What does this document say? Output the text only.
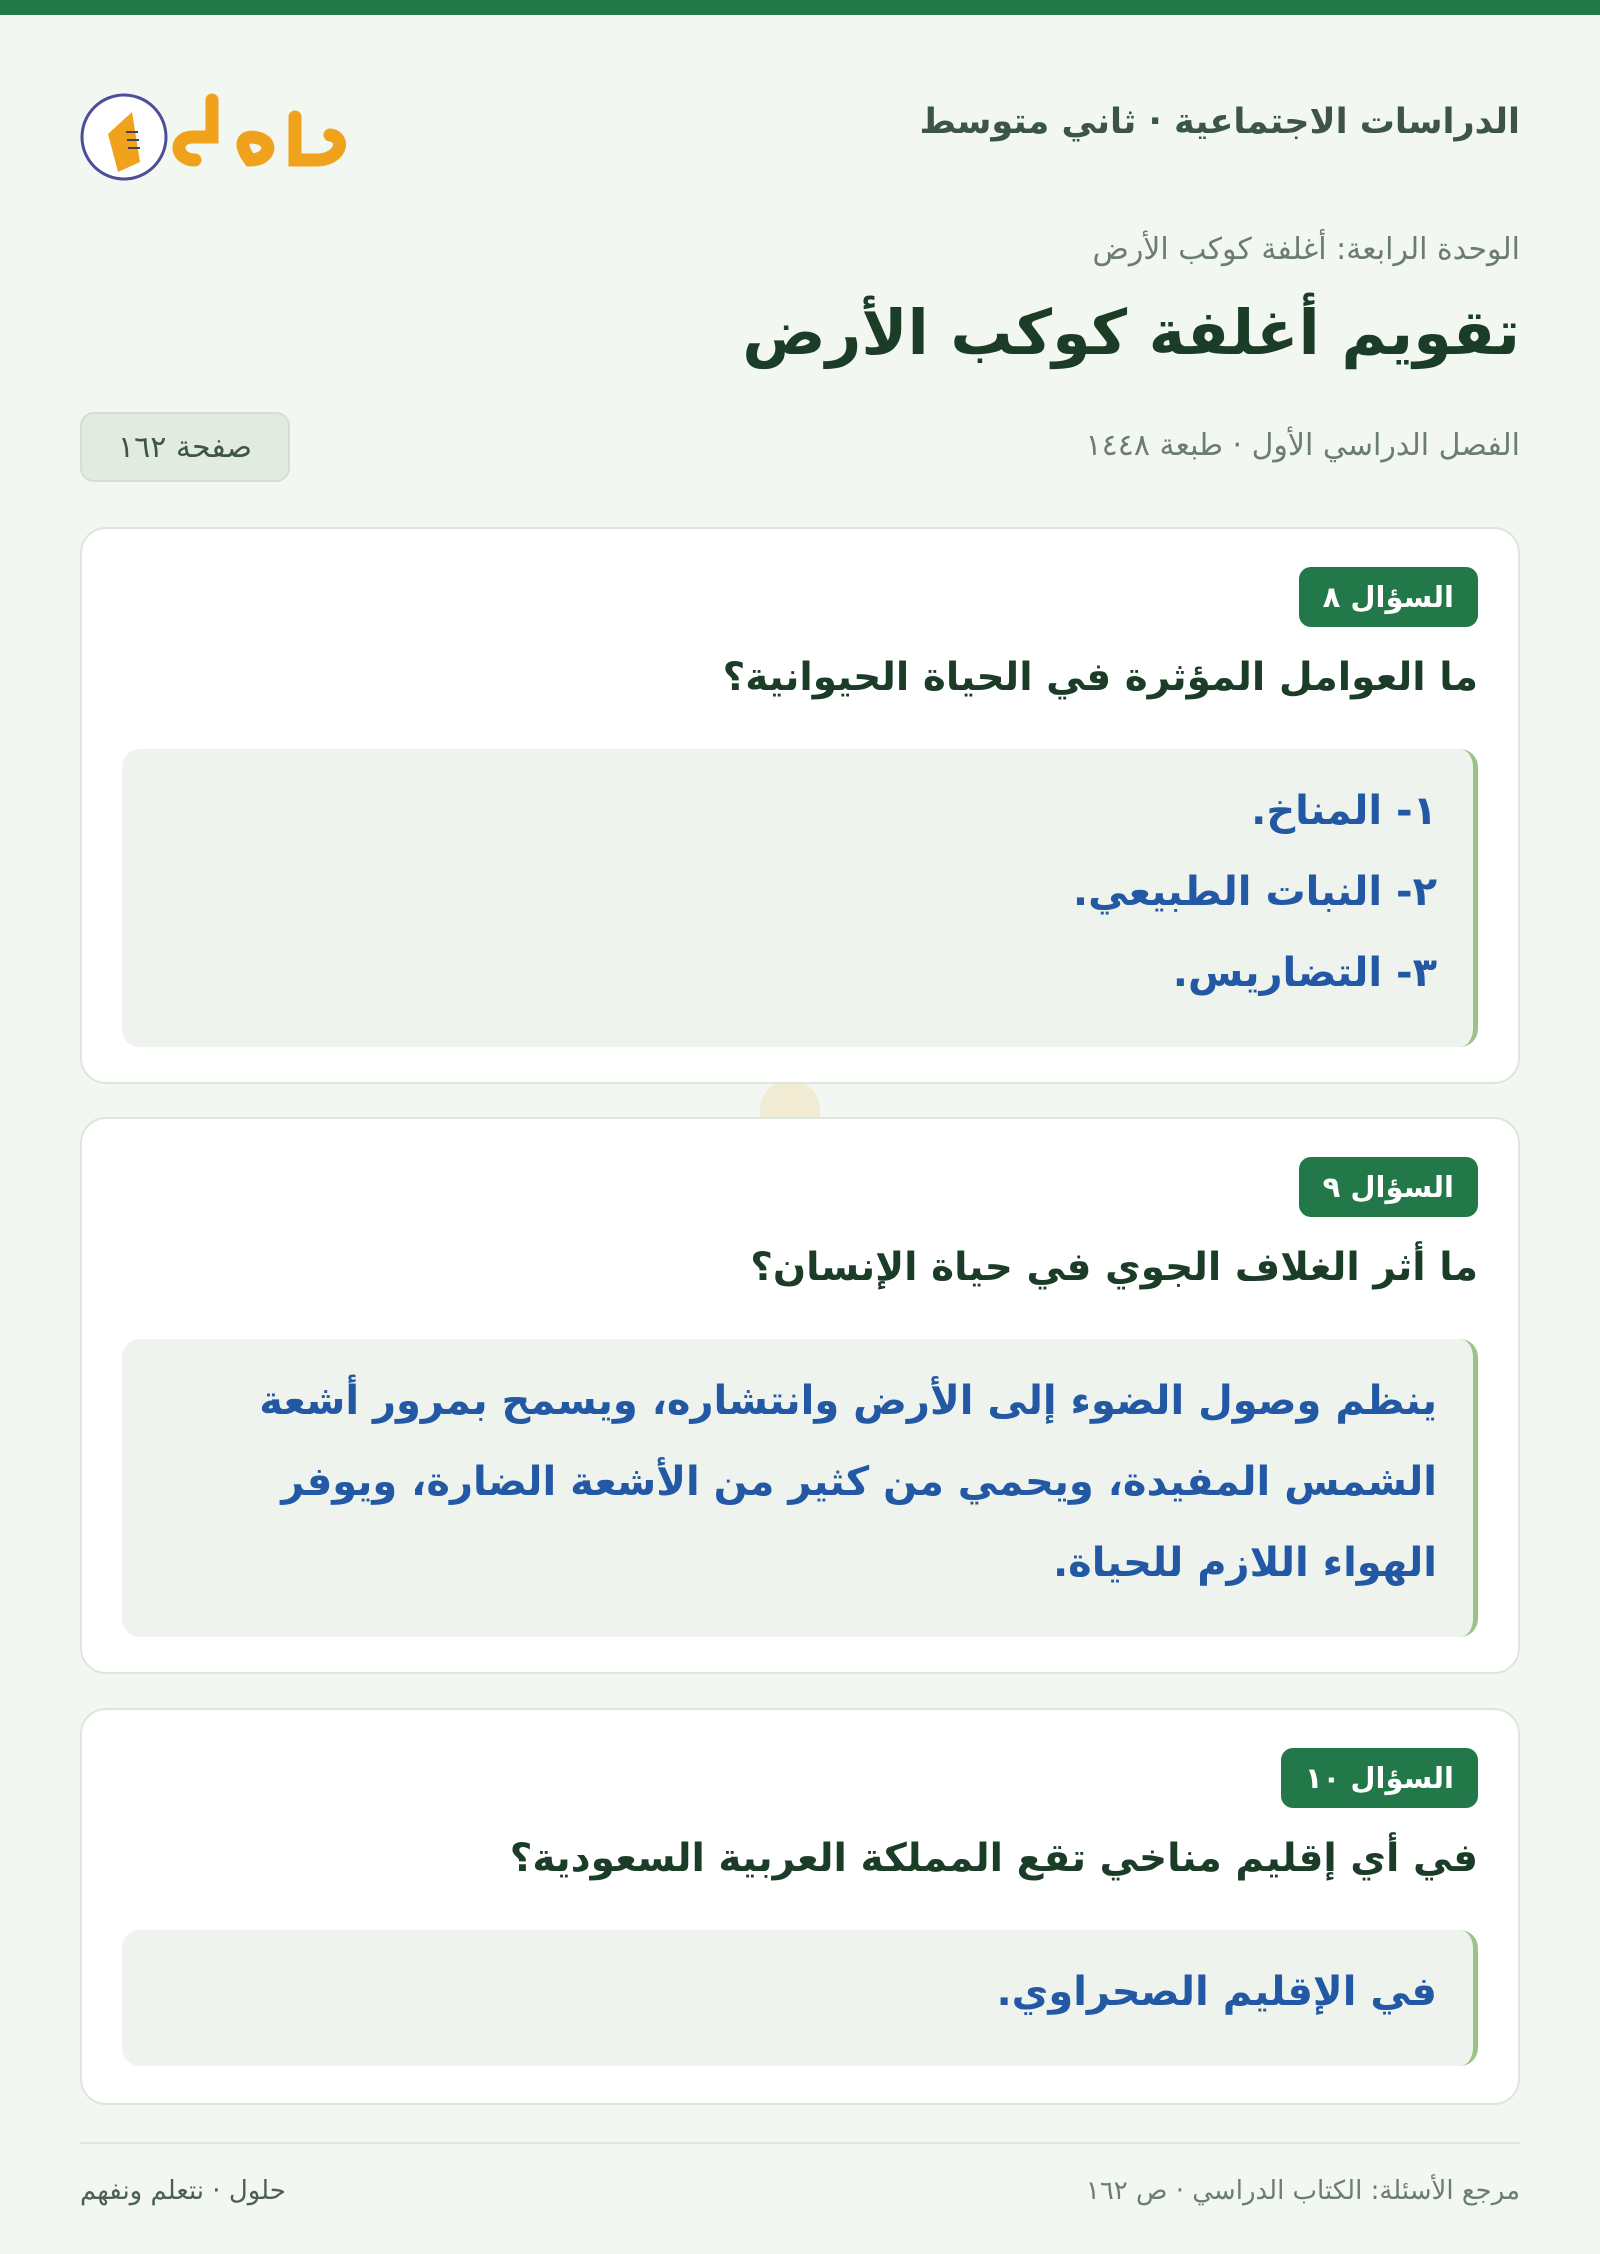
الدراسات الاجتماعية · ثاني متوسط
الوحدة الرابعة: أغلفة كوكب الأرض
تقويم أغلفة كوكب الأرض
الفصل الدراسي الأول · طبعة ١٤٤٨
صفحة ١٦٢
السؤال ٨
ما العوامل المؤثرة في الحياة الحيوانية؟
١- المناخ.
٢- النبات الطبيعي.
٣- التضاريس.
السؤال ٩
ما أثر الغلاف الجوي في حياة الإنسان؟

ينظم وصول الضوء إلى الأرض وانتشاره، ويسمح بمرور أشعة الشمس المفيدة، ويحمي من كثير من الأشعة الضارة، ويوفر الهواء اللازم للحياة.

السؤال ١٠
في أي إقليم مناخي تقع المملكة العربية السعودية؟
في الإقليم الصحراوي.
حلول · نتعلم ونفهم	مرجع الأسئلة: الكتاب الدراسي · ص ١٦٢
